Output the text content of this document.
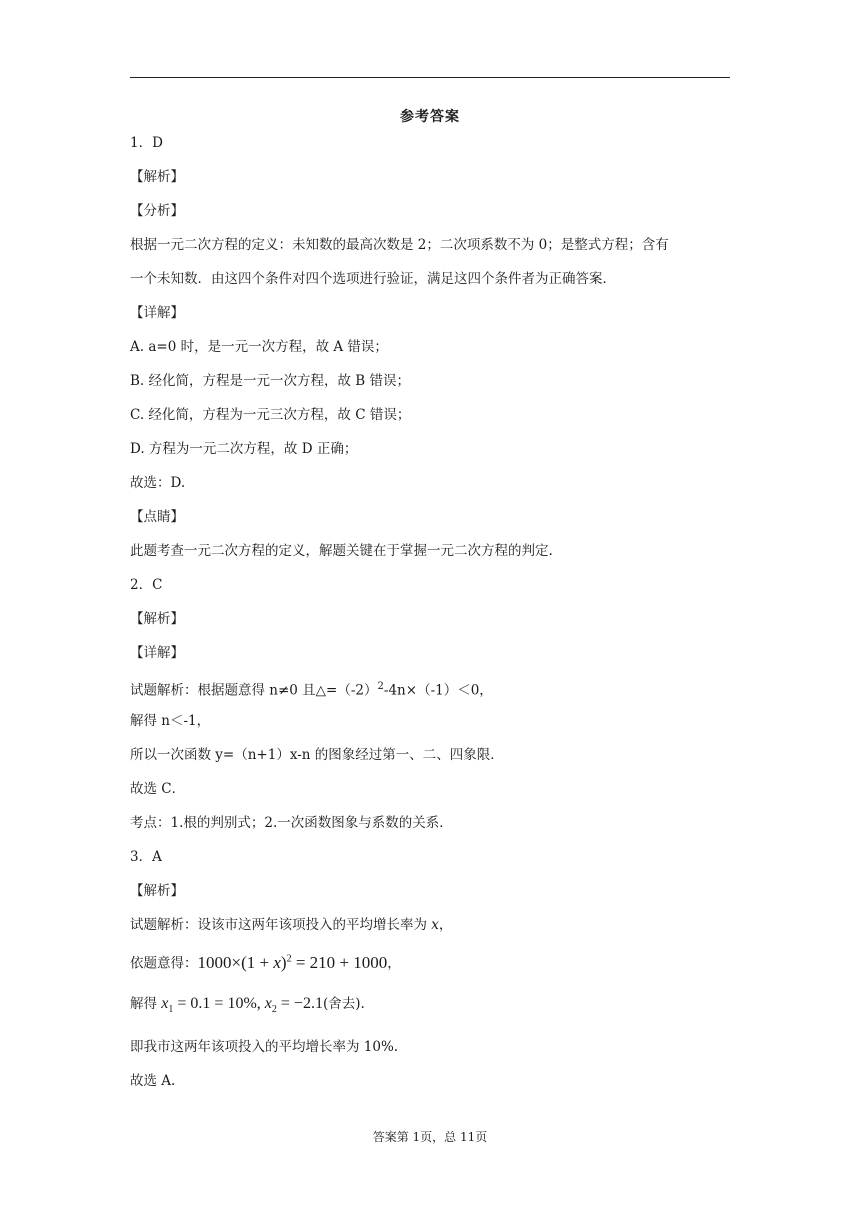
参考答案
1．D
【解析】
【分析】
根据一元二次方程的定义：未知数的最高次数是 2；二次项系数不为 0；是整式方程；含有
一个未知数．由这四个条件对四个选项进行验证，满足这四个条件者为正确答案．
【详解】
A. a=0 时，是一元一次方程，故 A 错误；
B. 经化简，方程是一元一次方程，故 B 错误；
C. 经化简，方程为一元三次方程，故 C 错误；
D. 方程为一元二次方程，故 D 正确；
故选：D.
【点睛】
此题考查一元二次方程的定义，解题关键在于掌握一元二次方程的判定.
2．C
【解析】
【详解】
试题解析：根据题意得 n≠0 且$\triangle=(-2)^2-4n\times(-1)<0$，
解得 n＜-1，
所以一次函数 y=（n+1）x-n 的图象经过第一、二、四象限．
故选 C．
考点：1.根的判别式；2.一次函数图象与系数的关系．
3．A
【解析】
试题解析：设该市这两年该项投入的平均增长率为 x，
依题意得：$1000\times(1 + x)^2 = 210 + 1000$，
解得 $x_1 = 0.1 = 10\%$, $x_2 = -2.1$(舍去).
即我市这两年该项投入的平均增长率为 10%.
故选 A.
答案第 1页，总 11页
